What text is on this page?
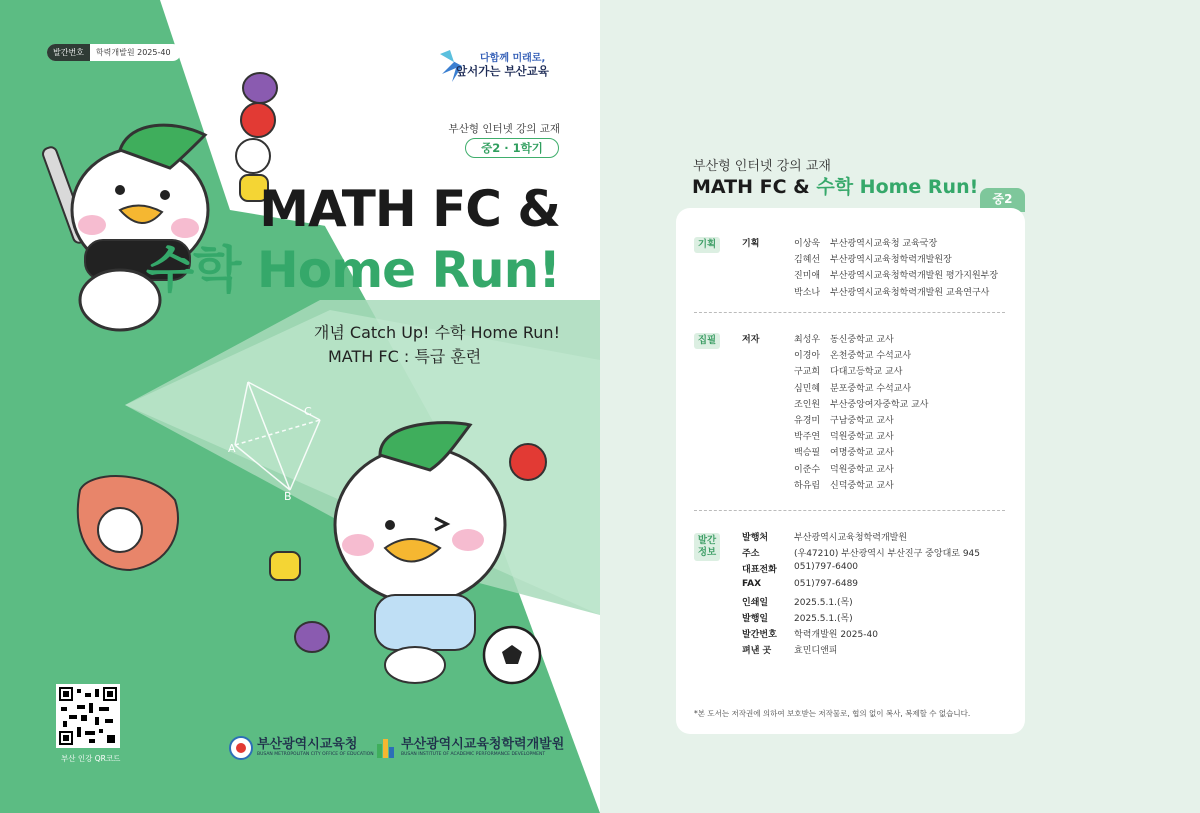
A
B
C
발간번호	학력개발원 2025-40
다함께 미래로,
앞서가는 부산교육
부산형 인터넷 강의 교재
중2 · 1학기
MATH FC &
수학 Home Run!
개념 Catch Up! 수학 Home Run!
MATH FC : 특급 훈련
부산 인강 QR코드
부산광역시교육청
BUSAN METROPOLITAN CITY OFFICE OF EDUCATION
부산광역시교육청학력개발원
BUSAN INSTITUTE OF ACADEMIC PERFORMANCE DEVELOPMENT
부산형 인터넷 강의 교재
MATH FC & 수학 Home Run!
중2
기획	기획	이상욱 부산광역시교육청 교육국장
김혜선 부산광역시교육청학력개발원장
진미애 부산광역시교육청학력개발원 평가지원부장
박소나 부산광역시교육청학력개발원 교육연구사
집필	저자	최성우 동신중학교 교사
이경아 온천중학교 수석교사
구교희 다대고등학교 교사
심민혜 분포중학교 수석교사
조인원 부산중앙여자중학교 교사
유경미 구남중학교 교사
박주연 덕원중학교 교사
백승필 여명중학교 교사
이준수 덕원중학교 교사
하유림 신덕중학교 교사
발간
정보
발행처	부산광역시교육청학력개발원
주소	(우47210) 부산광역시 부산진구 중앙대로 945
대표전화 051)797-6400
FAX	051)797-6489
인쇄일	2025.5.1.(목)
발행일	2025.5.1.(목)
발간번호 학력개발원 2025-40
펴낸 곳	효민디앤피
*본 도서는 저작권에 의하여 보호받는 저작물로, 협의 없이 복사, 복제할 수 없습니다.
